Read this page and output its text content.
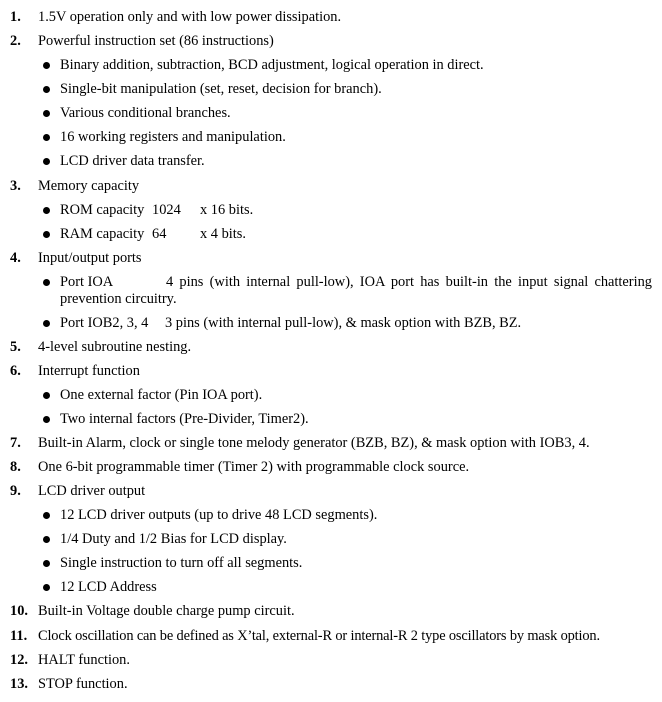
1. 1.5V operation only and with low power dissipation.
2. Powerful instruction set (86 instructions)
Binary addition, subtraction, BCD adjustment, logical operation in direct.
Single-bit manipulation (set, reset, decision for branch).
Various conditional branches.
16 working registers and manipulation.
LCD driver data transfer.
3. Memory capacity
ROM capacity 1024 x 16 bits.
RAM capacity 64 x 4 bits.
4. Input/output ports
Port IOA	4 pins (with internal pull-low), IOA port has built-in the input signal chattering prevention circuitry.
Port IOB2, 3, 4 3 pins (with internal pull-low), & mask option with BZB, BZ.
5. 4-level subroutine nesting.
6. Interrupt function
One external factor (Pin IOA port).
Two internal factors (Pre-Divider, Timer2).
7. Built-in Alarm, clock or single tone melody generator (BZB, BZ), & mask option with IOB3, 4.
8. One 6-bit programmable timer (Timer 2) with programmable clock source.
9. LCD driver output
12 LCD driver outputs (up to drive 48 LCD segments).
1/4 Duty and 1/2 Bias for LCD display.
Single instruction to turn off all segments.
12 LCD Address
10. Built-in Voltage double charge pump circuit.
11. Clock oscillation can be defined as X’tal, external-R or internal-R 2 type oscillators by mask option.
12. HALT function.
13. STOP function.
